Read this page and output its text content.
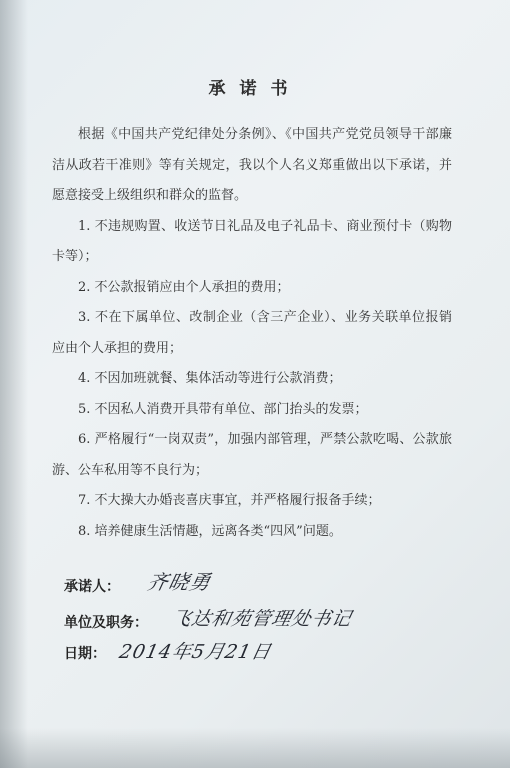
承诺书

根据《中国共产党纪律处分条例》、《中国共产党党员领导干部廉洁从政若干准则》等有关规定，我以个人名义郑重做出以下承诺，并愿意接受上级组织和群众的监督。

1. 不违规购置、收送节日礼品及电子礼品卡、商业预付卡（购物卡等）；

2. 不公款报销应由个人承担的费用；

3. 不在下属单位、改制企业（含三产企业）、业务关联单位报销应由个人承担的费用；

4. 不因加班就餐、集体活动等进行公款消费；

5. 不因私人消费开具带有单位、部门抬头的发票；

6. 严格履行“一岗双责”，加强内部管理，严禁公款吃喝、公款旅游、公车私用等不良行为；

7. 不大操大办婚丧喜庆事宜，并严格履行报备手续；

8. 培养健康生活情趣，远离各类“四风”问题。

承诺人： 齐晓勇
单位及职务： 飞达和苑管理处书记
日期： 2014年5月21日
